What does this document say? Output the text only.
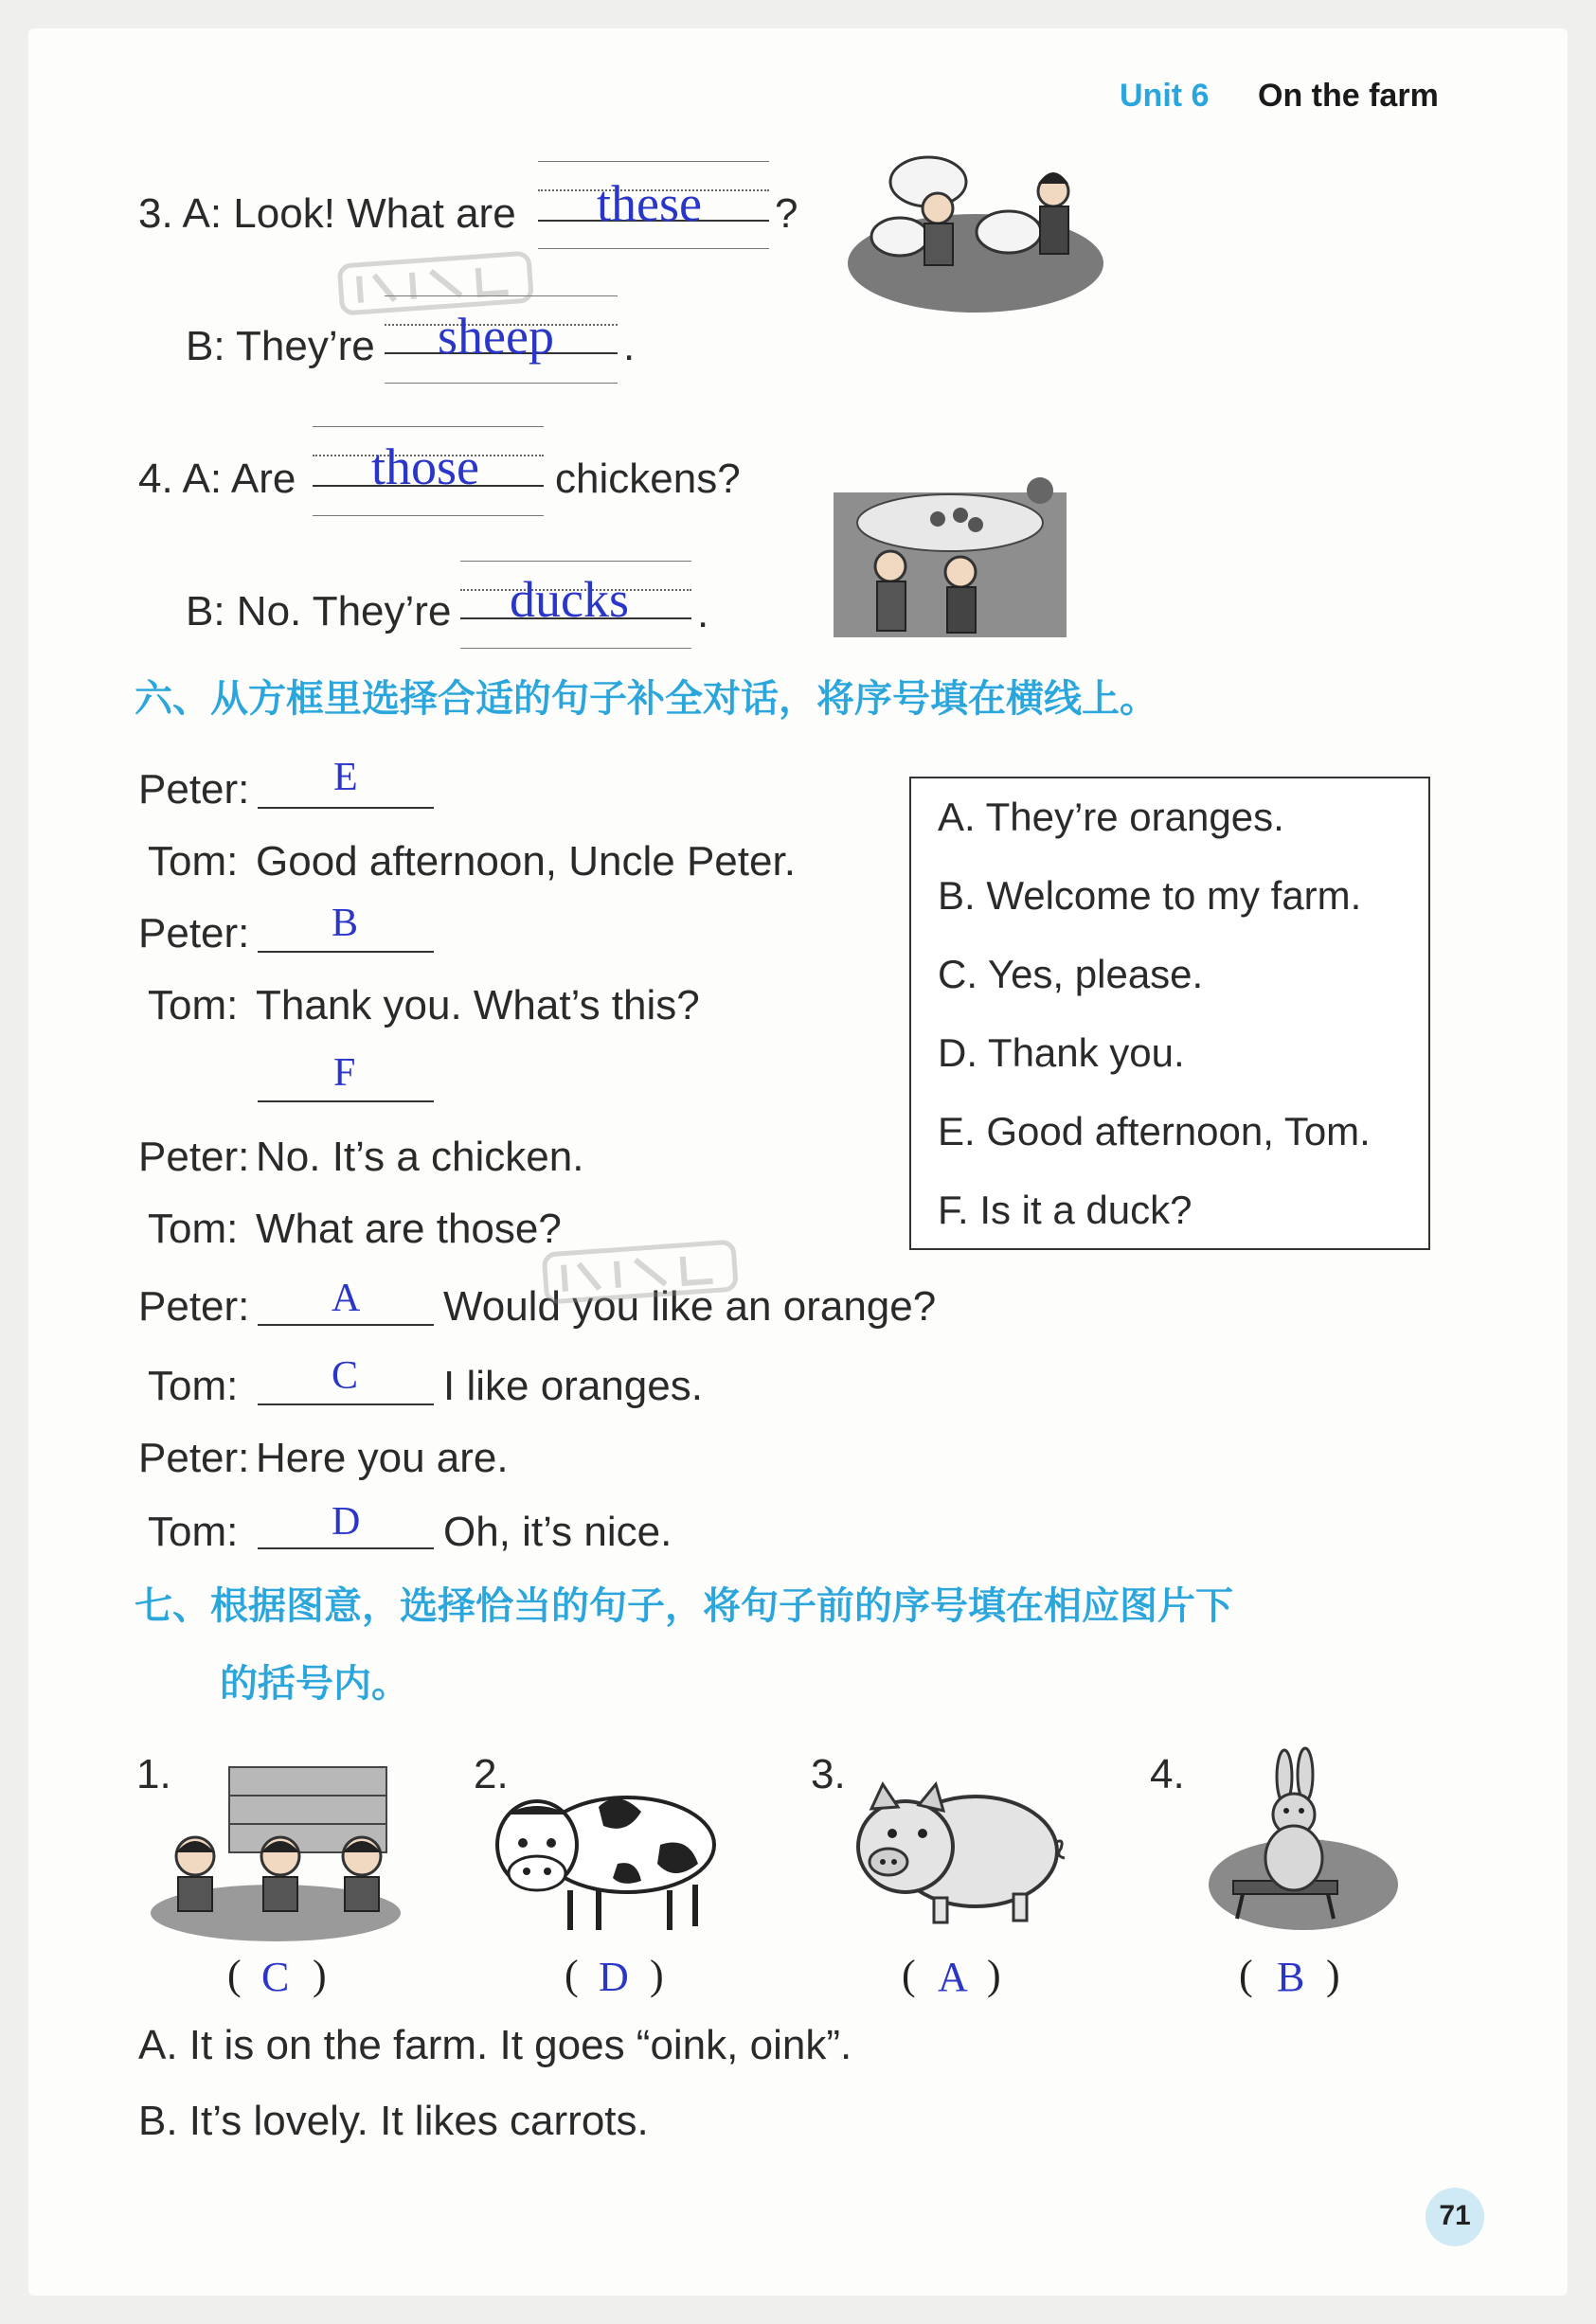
Unit 6 On the farm
3. A: Look! What are these ?
B: They’re sheep .
4. A: Are those chickens?
B: No. They’re ducks .
六、从方框里选择合适的句子补全对话，将序号填在横线上。
Peter: E
Tom: Good afternoon, Uncle Peter.
Peter: B
Tom: Thank you. What’s this?
F
Peter: No. It’s a chicken.
Tom: What are those?
Peter: A Would you like an orange?
Tom: C I like oranges.
Peter: Here you are.
Tom: D Oh, it’s nice.
A. They’re oranges.
B. Welcome to my farm.
C. Yes, please.
D. Thank you.
E. Good afternoon, Tom.
F. Is it a duck?
七、根据图意，选择恰当的句子，将句子前的序号填在相应图片下
的括号内。
1.	2.	3.	4.
( C )	( D )	( A )	( B )
A. It is on the farm. It goes “oink, oink”.
B. It’s lovely. It likes carrots.
71
